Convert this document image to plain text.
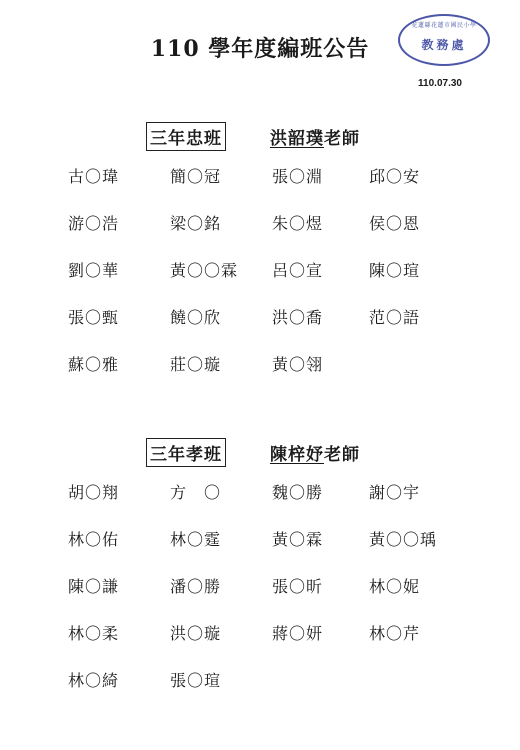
110 學年度編班公告
花蓮縣花蓮市國民小學
教務處
110.07.30
三年忠班	洪韶璞老師
古〇瑋	簡〇冠	張〇淵	邱〇安
游〇浩	梁〇銘	朱〇煜	侯〇恩
劉〇華	黃〇〇霖	呂〇宣	陳〇瑄
張〇甄	饒〇欣	洪〇喬	范〇語
蘇〇雅	莊〇璇	黃〇翎
三年孝班	陳梓妤老師
胡〇翔	方　〇	魏〇勝	謝〇宇
林〇佑	林〇霆	黃〇霖	黃〇〇瑀
陳〇謙	潘〇勝	張〇昕	林〇妮
林〇柔	洪〇璇	蔣〇妍	林〇芹
林〇綺	張〇瑄
